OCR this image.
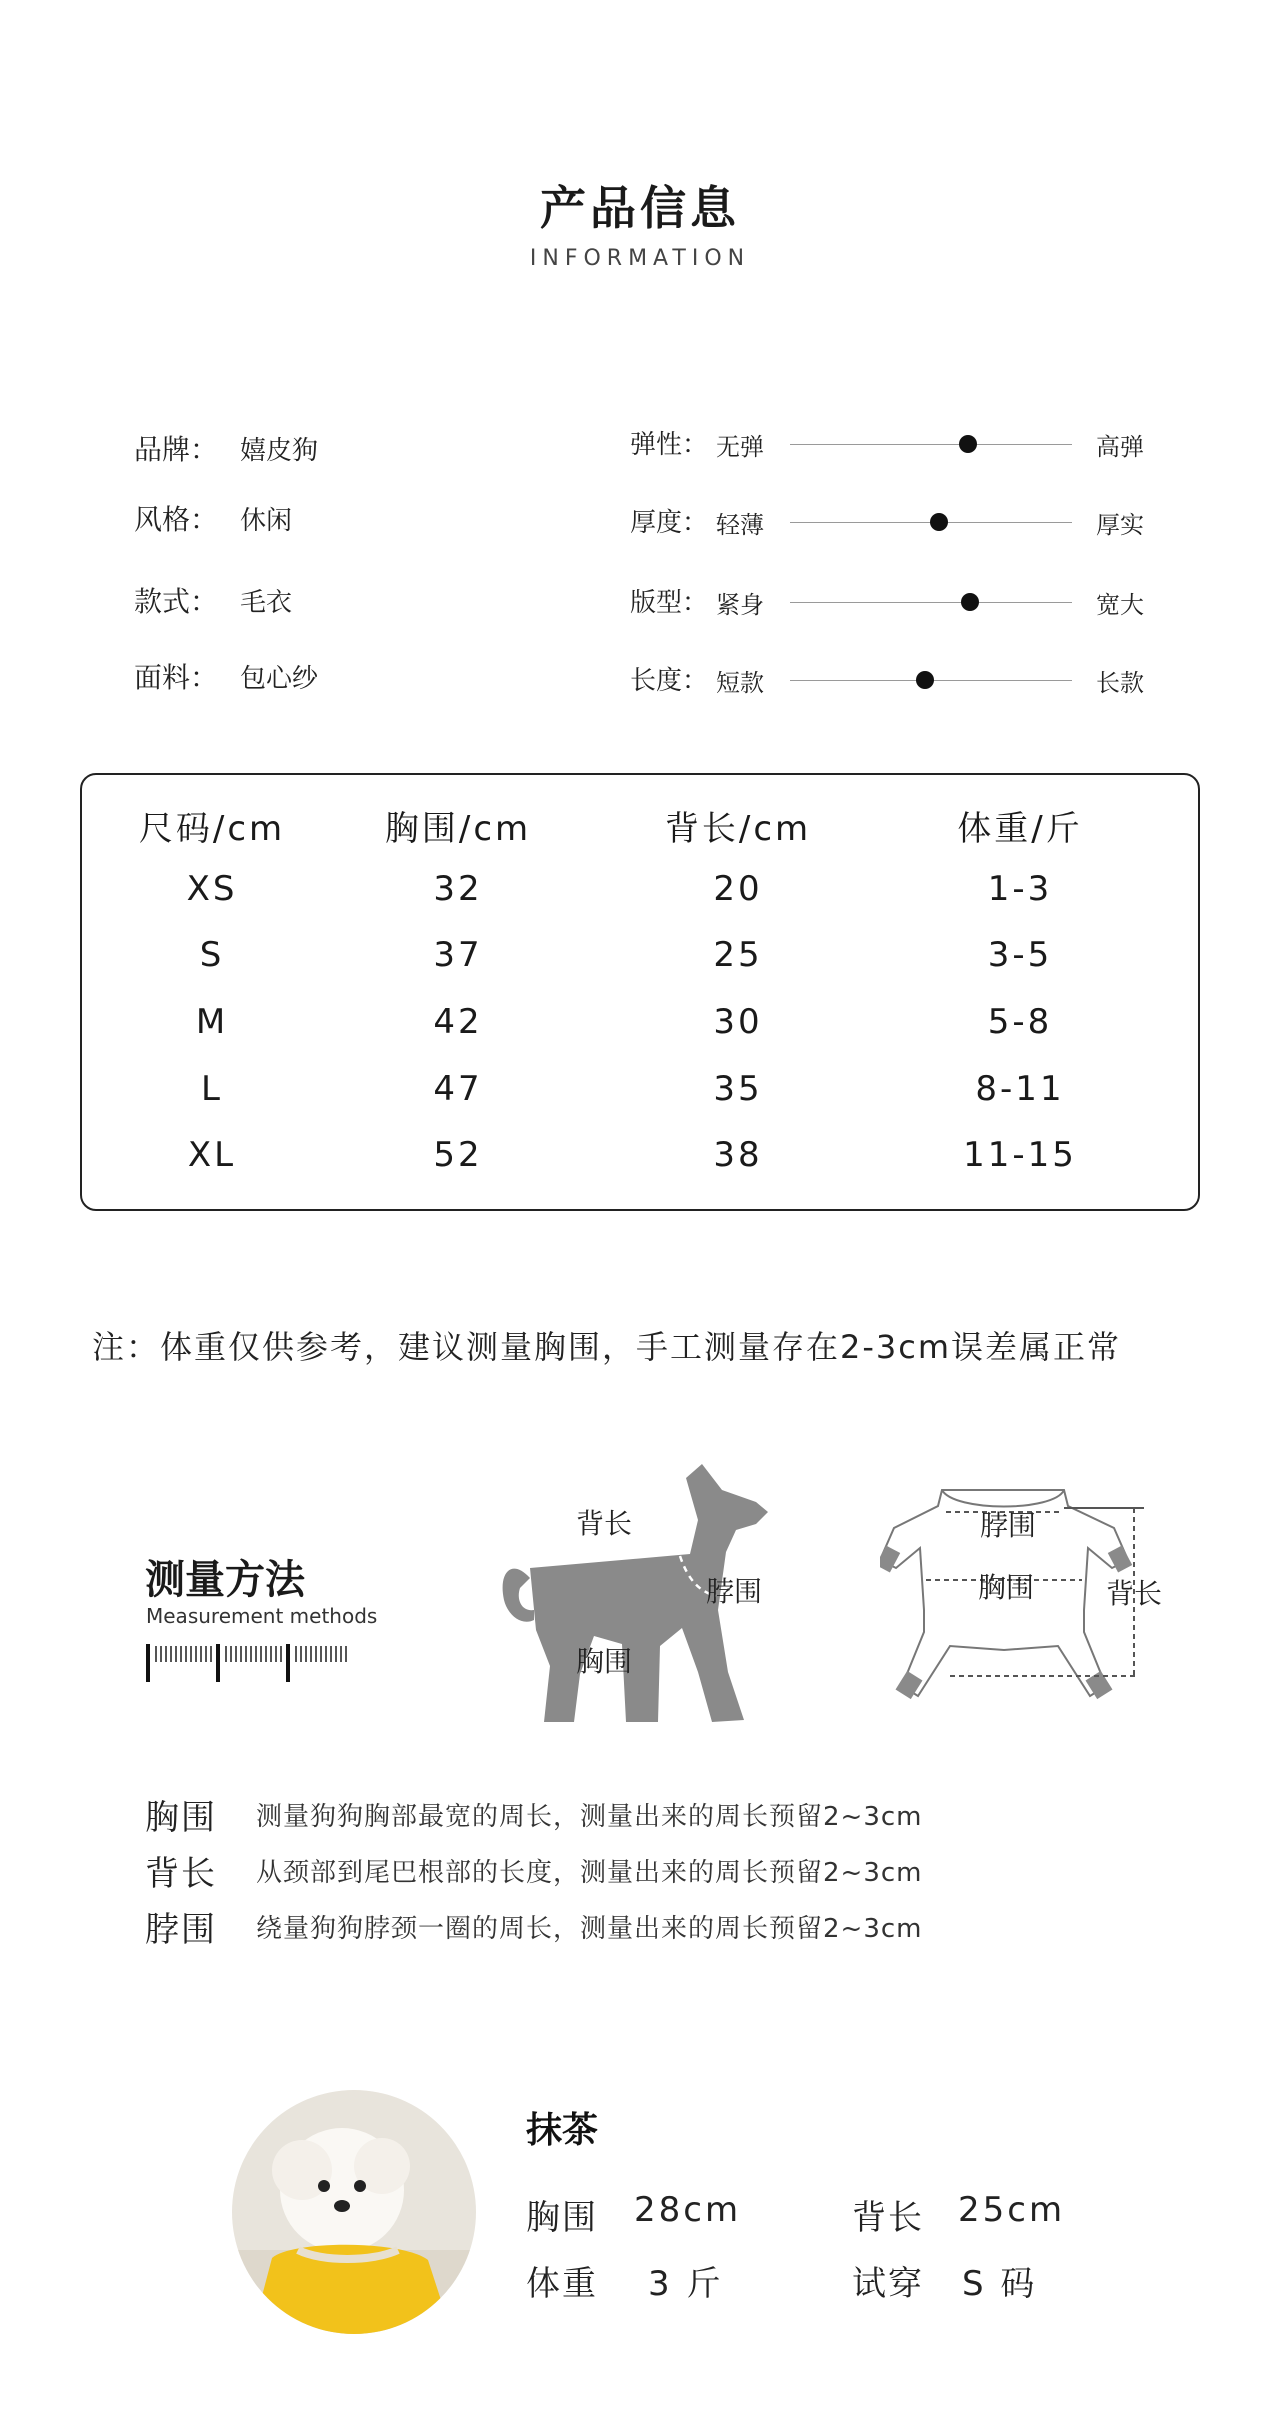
产品信息
INFORMATION
品牌： 嬉皮狗
风格： 休闲
款式： 毛衣
面料： 包心纱
弹性： 无弹	高弹
厚度： 轻薄	厚实
版型： 紧身	宽大
长度： 短款	长款
尺码/cm	胸围/cm	背长/cm	体重/斤
XS	32	20	1-3
S	37	25	3-5
M	42	30	5-8
L	47	35	8-11
XL	52	38	11-15
注：体重仅供参考，建议测量胸围，手工测量存在2-3cm误差属正常
测量方法
Measurement methods
背长
脖围
胸围
脖围
胸围	背长
胸围 测量狗狗胸部最宽的周长，测量出来的周长预留2~3cm
背长 从颈部到尾巴根部的长度，测量出来的周长预留2~3cm
脖围 绕量狗狗脖颈一圈的周长，测量出来的周长预留2~3cm
抹茶
胸围 28cm	背长 25cm
体重 3 斤	试穿 S 码
